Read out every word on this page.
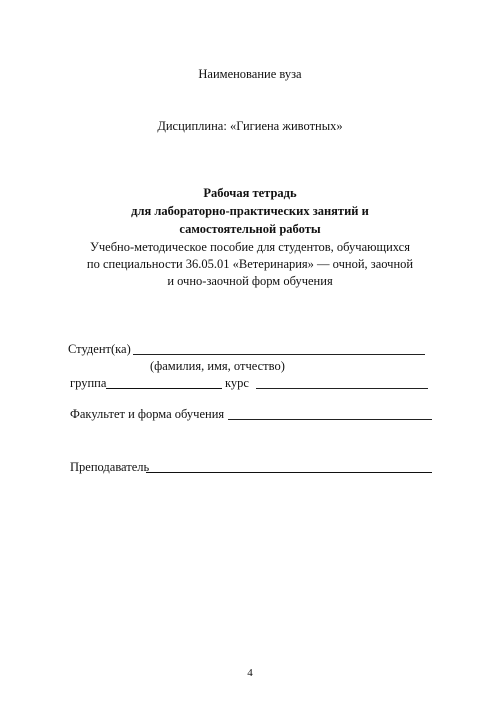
Наименование вуза
Дисциплина: «Гигиена животных»
Рабочая тетрадь
для лабораторно-практических занятий и
самостоятельной работы
Учебно-методическое пособие для студентов, обучающихся
по специальности 36.05.01 «Ветеринария» — очной, заочной
и очно-заочной форм обучения
Студент(ка)
(фамилия, имя, отчество)
группа	курс
Факультет и форма обучения
Преподаватель
4
